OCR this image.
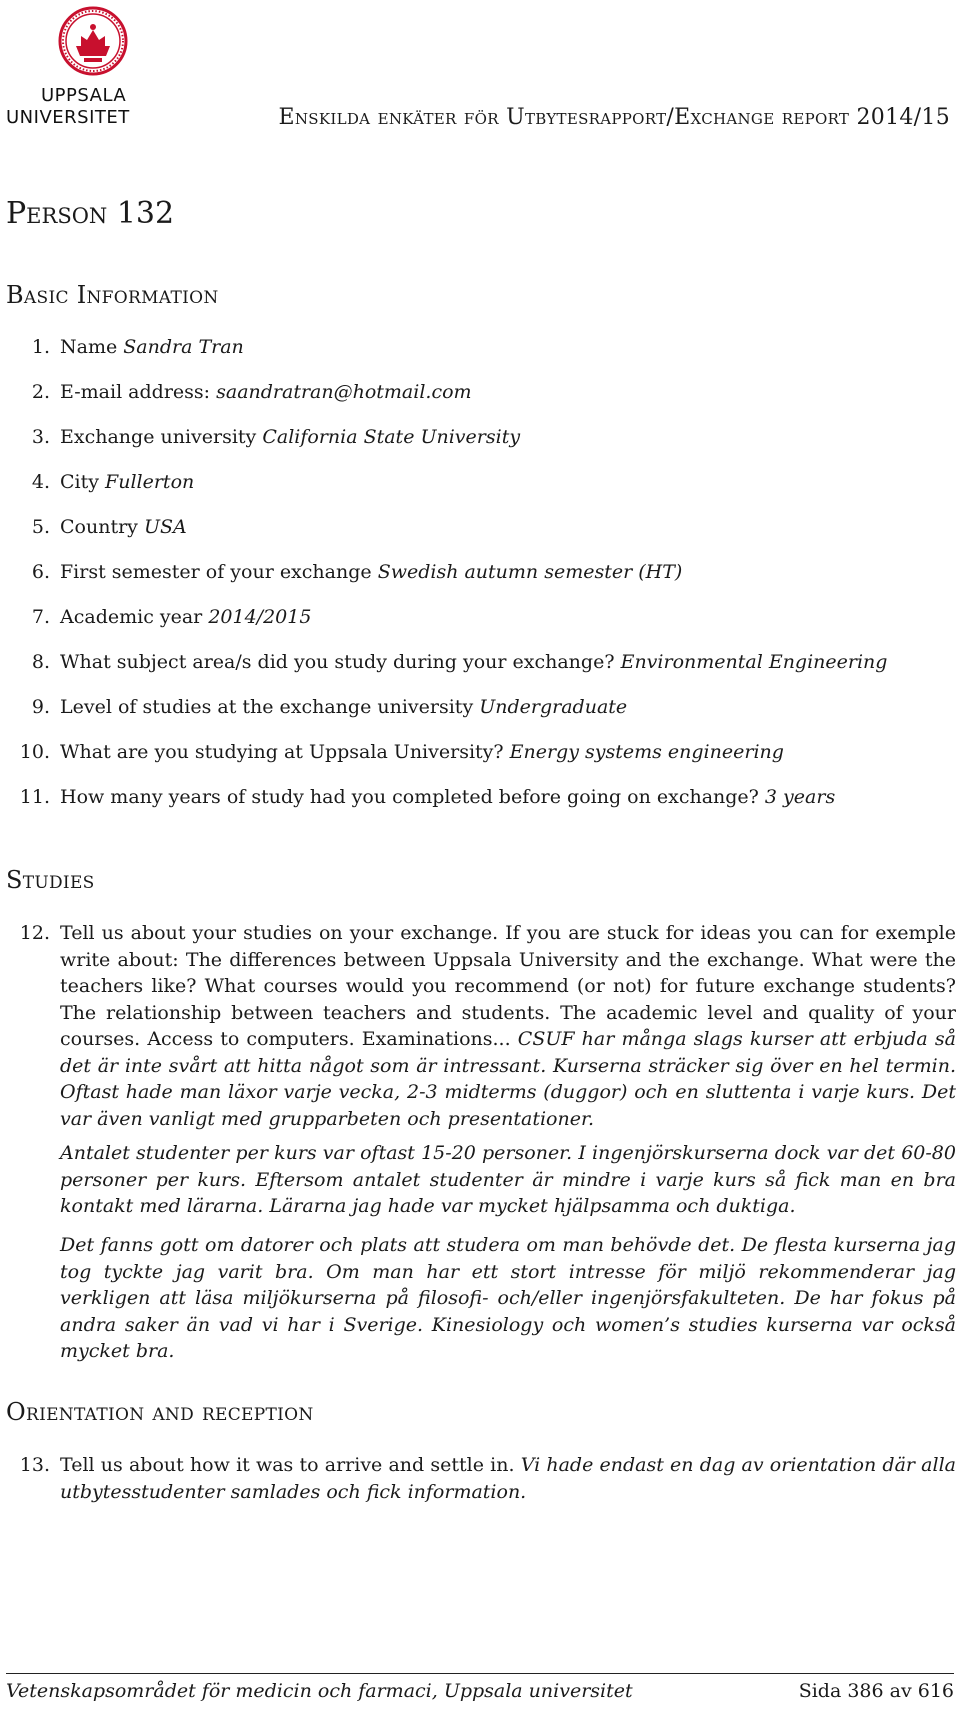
UPPSALA
UNIVERSITET	Enskilda enkäter för Utbytesrapport/Exchange report 2014/15
Person 132
Basic Information
1. Name Sandra Tran
2. E-mail address: saandratran@hotmail.com
3. Exchange university California State University
4. City Fullerton
5. Country USA
6. First semester of your exchange Swedish autumn semester (HT)
7. Academic year 2014/2015
8. What subject area/s did you study during your exchange? Environmental Engineering
9. Level of studies at the exchange university Undergraduate
10. What are you studying at Uppsala University? Energy systems engineering
11. How many years of study had you completed before going on exchange? 3 years
Studies
12. Tell us about your studies on your exchange. If you are stuck for ideas you can for exemple write about: The differences between Uppsala University and the exchange. What were the teachers like? What courses would you recommend (or not) for future exchange students? The relationship between teachers and students. The academic level and quality of your courses. Access to computers. Examinations... CSUF har många slags kurser att erbjuda så det är inte svårt att hitta något som är intressant. Kurserna sträcker sig över en hel termin. Oftast hade man läxor varje vecka, 2-3 midterms (duggor) och en sluttenta i varje kurs. Det var även vanligt med grupparbeten och presentationer.
Antalet studenter per kurs var oftast 15-20 personer. I ingenjörskurserna dock var det 60-80 personer per kurs. Eftersom antalet studenter är mindre i varje kurs så fick man en bra kontakt med lärarna. Lärarna jag hade var mycket hjälpsamma och duktiga.
Det fanns gott om datorer och plats att studera om man behövde det. De flesta kurserna jag tog tyckte jag varit bra. Om man har ett stort intresse för miljö rekommenderar jag verkligen att läsa miljökurserna på filosofi- och/eller ingenjörsfakulteten. De har fokus på andra saker än vad vi har i Sverige. Kinesiology och women’s studies kurserna var också mycket bra.
Orientation and reception
13. Tell us about how it was to arrive and settle in. Vi hade endast en dag av orientation där alla utbytesstudenter samlades och fick information.
Vetenskapsområdet för medicin och farmaci, Uppsala universitet	Sida 386 av 616
